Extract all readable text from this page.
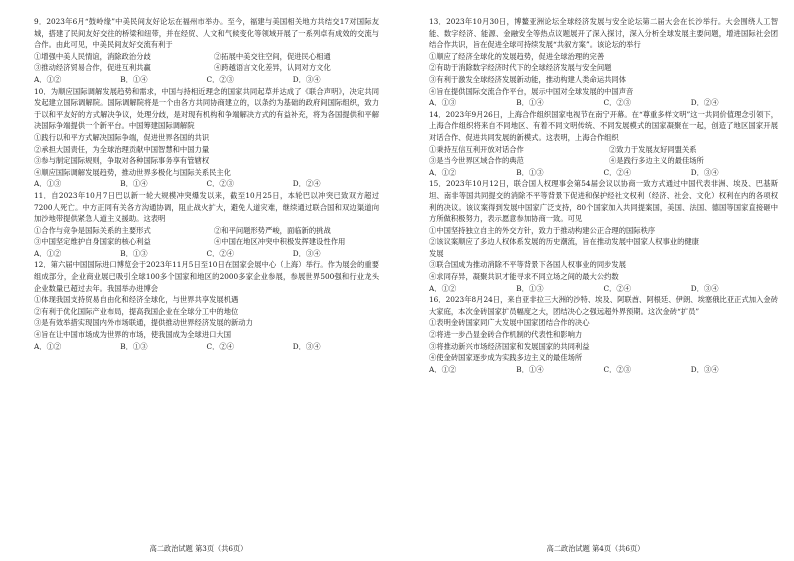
9．2023年6月“鼓岭缘”中美民间友好论坛在福州市举办。至今，福建与美国相关地方共结交17对国际友城，搭建了民间友好交往的桥梁和纽带，并在经贸、人文和气候变化等领域开展了一系列卓有成效的交流与合作。由此可见，中美民间友好交流有利于

①增强中美人民情谊，消除政治分歧	②拓展中美交往空间，促进民心相通

③推动经济贸易合作，促进互利共赢	④跨越语言文化差异，认同对方文化

A．①②	B．①④	C．②③	D．③④

10．为顺应国际调解发展趋势和需求，中国与持相近理念的国家共同起草并达成了《联合声明》，决定共同发起建立国际调解院。国际调解院将是一个由各方共同协商建立的，以条约为基础的政府间国际组织，致力于以和平友好的方式解决争议，处理分歧，是对现有机构和争端解决方式的有益补充，将为各国提供和平解决国际争端提供一个新平台。中国筹建国际调解院

①践行以和平方式解决国际争端，促进世界各国的共识

②承担大国责任，为全球治理贡献中国智慧和中国力量

③参与制定国际规则，争取对各种国际事务享有管辖权

④顺应国际调解发展趋势，推动世界多极化与国际关系民主化

A．①③	B．①④	C．②③	D．②④

11．自2023年10月7日巴以新一轮大规模冲突爆发以来，截至10月25日，本轮巴以冲突已致双方超过7200人死亡。中方正同有关各方沟通协调，阻止战火扩大，避免人道灾难，继续通过联合国和双边渠道向加沙地带提供紧急人道主义援助。这表明

①合作与竞争是国际关系的主要形式	②和平问题形势严峻，面临新的挑战

③中国坚定维护自身国家的核心利益	④中国在地区冲突中积极发挥建设性作用

A．①②	B．①③	C．②④	D．③④

12．第六届中国国际进口博览会于2023年11月5日至10日在国家会展中心（上海）举行。作为展会的重要组成部分，企业商业展已吸引全球100多个国家和地区的2000多家企业参展，参展世界500强和行业龙头企业数量已超过去年。我国举办进博会

①体现我国支持贸易自由化和经济全球化，与世界共享发展机遇

②有利于优化国际产业布局，提高我国企业在全球分工中的地位

③是有效举措实现国内外市场联通，提供推动世界经济发展的新动力

④旨在让中国市场成为世界的市场，使我国成为全球进口大国

A．①②	B．①③	C．②④	D．③④

高二政治试题 第3页（共6页）

13．2023年10月30日，博鳌亚洲论坛全球经济发展与安全论坛第二届大会在长沙举行。大会围绕人工智能、数字经济、能源、金融安全等热点议题展开了深入探讨，深入分析全球发展主要问题，增进国际社会团结合作共识，旨在促进全球可持续发展“共叙方案”。该论坛的举行

①顺应了经济全球化的发展趋势，促进全球治理的完善

②有助于消除数字经济时代下的全球经济发展与安全问题

③有利于激发全球经济发展新动能，推动构建人类命运共同体

④旨在提供国际交流合作平台，展示中国对全球发展的中国声音

A．①③	B．①④	C．②③	D．②④

14．2023年9月26日，上海合作组织国家电视节在南宁开幕。在“尊重多样文明”这一共同价值理念引领下，上海合作组织将来自不同地区、有着不同文明传统、不同发展模式的国家凝聚在一起，创造了地区国家开展对话合作、促进共同发展的新模式。这表明，上海合作组织

①秉持互信互利开放对话合作	②致力于发展友好同盟关系

③是当今世界区域合作的典范	④是践行多边主义的最佳场所

A．①②	B．①③	C．②④	D．③④

15．2023年10月12日，联合国人权理事会第54届会议以协商一致方式通过中国代表非洲、埃及、巴基斯坦、南非等国共同提交的消除不平等背景下促进和保护经社文权利（经济、社会、文化）权利在内的各项权利的决议。该议案得到发展中国家广泛支持，80个国家加入共同提案国，美国、法国、德国等国家直接砸中方所做积极努力，表示愿意参加协商一致。可见

①中国坚持独立自主的外交方针，致力于推动构建公正合理的国际秩序

②该议案顺应了多边人权体系发展的历史潮流，旨在推动发展中国家人权事业的健康

发展

③联合国成为推动消除不平等背景下各国人权事业的同步发展

④求同存异，凝聚共识才能寻求不同立场之间的最大公约数

A．①②	B．①③	C．②④	D．③④

16．2023年8月24日，来自亚非拉三大洲的沙特、埃及、阿联酋、阿根廷、伊朗、埃塞俄比亚正式加入金砖大家庭，本次金砖国家扩员幅度之大，团结决心之强远超外界预期。这次金砖“扩员”

①表明金砖国家同广大发展中国家团结合作的决心

②将进一步凸显金砖合作机制的代表性和影响力

③将推动新兴市场经济国家和发展国家的共同利益

④使金砖国家逐步成为实践多边主义的最佳场所

A．①②	B．①④	C．②③	D．③④

高二政治试题 第4页（共6页）
